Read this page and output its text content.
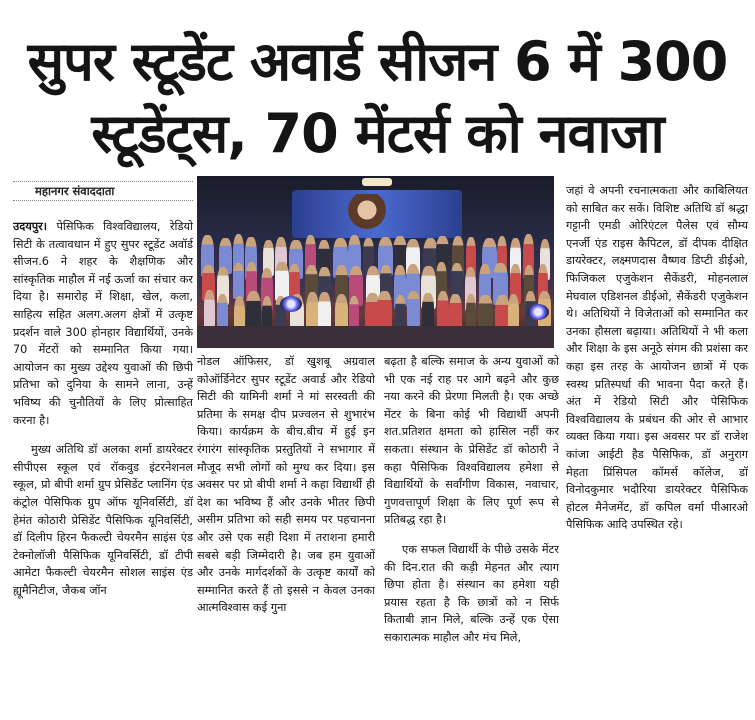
सुपर स्टूडेंट अवार्ड सीजन 6 में 300
स्टूडेंट्स, 70 मेंटर्स को नवाजा
महानगर संवाददाता

उदयपुर। पेसिफिक विश्वविद्यालय, रेडियो सिटी के तत्वावधान में हुए सुपर स्टूडेंट अवॉर्ड सीजन.6 ने शहर के शैक्षणिक और सांस्कृतिक माहौल में नई ऊर्जा का संचार कर दिया है। समारोह में शिक्षा, खेल, कला, साहित्य सहित अलग.अलग क्षेत्रों में उत्कृष्ट प्रदर्शन वाले 300 होनहार विद्यार्थियों, उनके 70 मेंटरों को सम्मानित किया गया। आयोजन का मुख्य उद्देश्य युवाओं की छिपी प्रतिभा को दुनिया के सामने लाना, उन्हें भविष्य की चुनौतियों के लिए प्रोत्साहित करना है।

मुख्य अतिथि डॉ अलका शर्मा डायरेक्टर सीपीएस स्कूल एवं रॉकवुड इंटरनेशनल स्कूल, प्रो बीपी शर्मा ग्रुप प्रेसिडेंट प्लानिंग एंड कंट्रोल पेसिफिक ग्रुप ऑफ यूनिवर्सिटी, डॉ हेमंत कोठारी प्रेसिडेंट पैसिफिक यूनिवर्सिटी, डॉ दिलीप हिरन फैकल्टी चेयरमैन साइंस एंड टेक्नोलॉजी पैसिफिक यूनिवर्सिटी, डॉ टीपी आमेटा फैकल्टी चेयरमैन सोशल साइंस एंड ह्यूमैनिटीज, जैकब जॉन

नोडल ऑफिसर, डॉ खुशबू अग्रवाल कोऑर्डिनेटर सुपर स्टूडेंट अवार्ड और रेडियो सिटी की यामिनी शर्मा ने मां सरस्वती की प्रतिमा के समक्ष दीप प्रज्वलन से शुभारंभ किया। कार्यक्रम के बीच.बीच में हुई इन रंगारंग सांस्कृतिक प्रस्तुतियों ने सभागार में मौजूद सभी लोगों को मुग्ध कर दिया। इस अवसर पर प्रो बीपी शर्मा ने कहा विद्यार्थी ही देश का भविष्य हैं और उनके भीतर छिपी असीम प्रतिभा को सही समय पर पहचानना और उसे एक सही दिशा में तराशना हमारी सबसे बड़ी जिम्मेदारी है। जब हम युवाओं और उनके मार्गदर्शकों के उत्कृष्ट कार्यों को सम्मानित करते हैं तो इससे न केवल उनका आत्मविश्वास कई गुना

बढ़ता है बल्कि समाज के अन्य युवाओं को भी एक नई राह पर आगे बढ़ने और कुछ नया करने की प्रेरणा मिलती है। एक अच्छे मेंटर के बिना कोई भी विद्यार्थी अपनी शत.प्रतिशत क्षमता को हासिल नहीं कर सकता। संस्थान के प्रेसिडेंट डॉ कोठारी ने कहा पैसिफिक विश्वविद्यालय हमेशा से विद्यार्थियों के सर्वांगीण विकास, नवाचार, गुणवत्तापूर्ण शिक्षा के लिए पूर्ण रूप से प्रतिबद्ध रहा है।

एक सफल विद्यार्थी के पीछे उसके मेंटर की दिन.रात की कड़ी मेहनत और त्याग छिपा होता है। संस्थान का हमेशा यही प्रयास रहता है कि छात्रों को न सिर्फ किताबी ज्ञान मिले, बल्कि उन्हें एक ऐसा सकारात्मक माहौल और मंच मिले,

जहां वे अपनी रचनात्मकता और काबिलियत को साबित कर सकें। विशिष्ट अतिथि डॉ श्रद्धा गट्टानी एमडी ओरिएंटल पैलेस एवं सौम्य एनर्जी एंड राइस कैपिटल, डॉ दीपक दीक्षित डायरेक्टर, लक्ष्मणदास वैष्णव डिप्टी डीईओ, फिजिकल एजुकेशन सैकेंडरी, मोहनलाल मेघवाल एडिशनल डीईओ, सैकेंडरी एजुकेशन थे। अतिथियों ने विजेताओं को सम्मानित कर उनका हौसला बढ़ाया। अतिथियों ने भी कला और शिक्षा के इस अनूठे संगम की प्रशंसा कर कहा इस तरह के आयोजन छात्रों में एक स्वस्थ प्रतिस्पर्धा की भावना पैदा करते हैं। अंत में रेडियो सिटी और पेसिफिक विश्वविद्यालय के प्रबंधन की ओर से आभार व्यक्त किया गया। इस अवसर पर डॉ राजेश कांजा आईटी हैड पैसिफिक, डॉ अनुराग मेहता प्रिंसिपल कॉमर्स कॉलेज, डॉ विनोदकुमार भदौरिया डायरेक्टर पैसिफिक होटल मैनेजमेंट, डॉ कपिल वर्मा पीआरओ पैसिफिक आदि उपस्थित रहे।
